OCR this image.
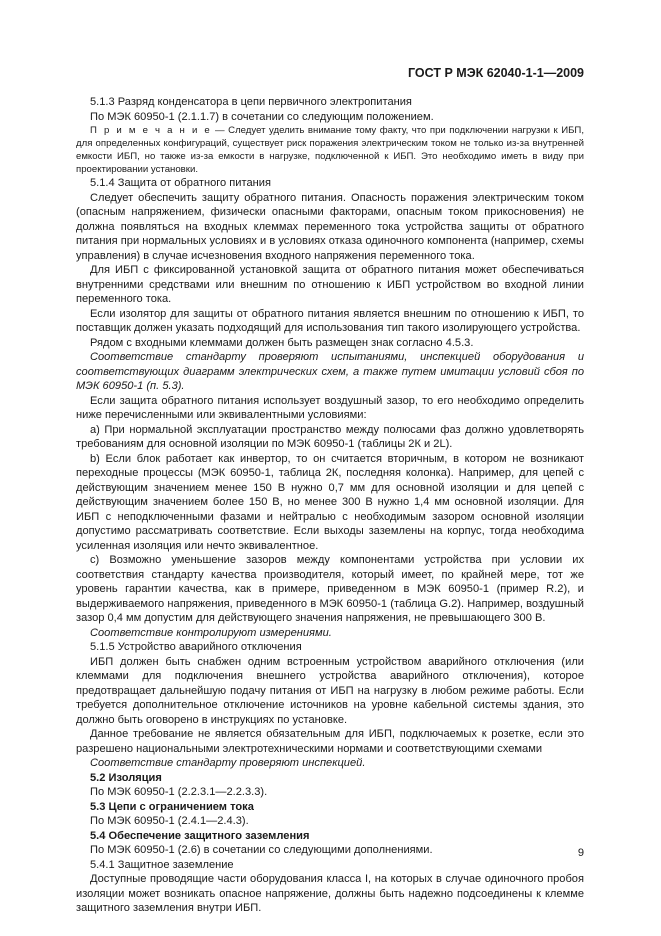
ГОСТ Р МЭК 62040-1-1—2009

5.1.3 Разряд конденсатора в цепи первичного электропитания

По МЭК 60950-1 (2.1.1.7) в сочетании со следующим положением.

П р и м е ч а н и е — Следует уделить внимание тому факту, что при подключении нагрузки к ИБП, для определенных конфигураций, существует риск поражения электрическим током не только из-за внутренней емкости ИБП, но также из-за емкости в нагрузке, подключенной к ИБП. Это необходимо иметь в виду при проектировании установки.

5.1.4 Защита от обратного питания

Следует обеспечить защиту обратного питания. Опасность поражения электрическим током (опасным напряжением, физически опасными факторами, опасным током прикосновения) не должна появляться на входных клеммах переменного тока устройства защиты от обратного питания при нормальных условиях и в условиях отказа одиночного компонента (например, схемы управления) в случае исчезновения входного напряжения переменного тока.

Для ИБП с фиксированной установкой защита от обратного питания может обеспечиваться внутренними средствами или внешним по отношению к ИБП устройством во входной линии переменного тока.

Если изолятор для защиты от обратного питания является внешним по отношению к ИБП, то поставщик должен указать подходящий для использования тип такого изолирующего устройства.

Рядом с входными клеммами должен быть размещен знак согласно 4.5.3.

Соответствие стандарту проверяют испытаниями, инспекцией оборудования и соответствующих диаграмм электрических схем, а также путем имитации условий сбоя по МЭК 60950-1 (п. 5.3).

Если защита обратного питания использует воздушный зазор, то его необходимо определить ниже перечисленными или эквивалентными условиями:

a) При нормальной эксплуатации пространство между полюсами фаз должно удовлетворять требованиям для основной изоляции по МЭК 60950-1 (таблицы 2К и 2L).

b) Если блок работает как инвертор, то он считается вторичным, в котором не возникают переходные процессы (МЭК 60950-1, таблица 2К, последняя колонка). Например, для цепей с действующим значением менее 150 В нужно 0,7 мм для основной изоляции и для цепей с действующим значением более 150 В, но менее 300 В нужно 1,4 мм основной изоляции. Для ИБП с неподключенными фазами и нейтралью с необходимым зазором основной изоляции допустимо рассматривать соответствие. Если выходы заземлены на корпус, тогда необходима усиленная изоляция или нечто эквивалентное.

c) Возможно уменьшение зазоров между компонентами устройства при условии их соответствия стандарту качества производителя, который имеет, по крайней мере, тот же уровень гарантии качества, как в примере, приведенном в МЭК 60950-1 (пример R.2), и выдерживаемого напряжения, приведенного в МЭК 60950-1 (таблица G.2). Например, воздушный зазор 0,4 мм допустим для действующего значения напряжения, не превышающего 300 В.

Соответствие контролируют измерениями.

5.1.5 Устройство аварийного отключения

ИБП должен быть снабжен одним встроенным устройством аварийного отключения (или клеммами для подключения внешнего устройства аварийного отключения), которое предотвращает дальнейшую подачу питания от ИБП на нагрузку в любом режиме работы. Если требуется дополнительное отключение источников на уровне кабельной системы здания, это должно быть оговорено в инструкциях по установке.

Данное требование не является обязательным для ИБП, подключаемых к розетке, если это разрешено национальными электротехническими нормами и соответствующими схемами

Соответствие стандарту проверяют инспекцией.

5.2 Изоляция

По МЭК 60950-1 (2.2.3.1—2.2.3.3).

5.3 Цепи с ограничением тока

По МЭК 60950-1 (2.4.1—2.4.3).

5.4 Обеспечение защитного заземления

По МЭК 60950-1 (2.6) в сочетании со следующими дополнениями.

5.4.1 Защитное заземление

Доступные проводящие части оборудования класса I, на которых в случае одиночного пробоя изоляции может возникать опасное напряжение, должны быть надежно подсоединены к клемме защитного заземления внутри ИБП.

9
